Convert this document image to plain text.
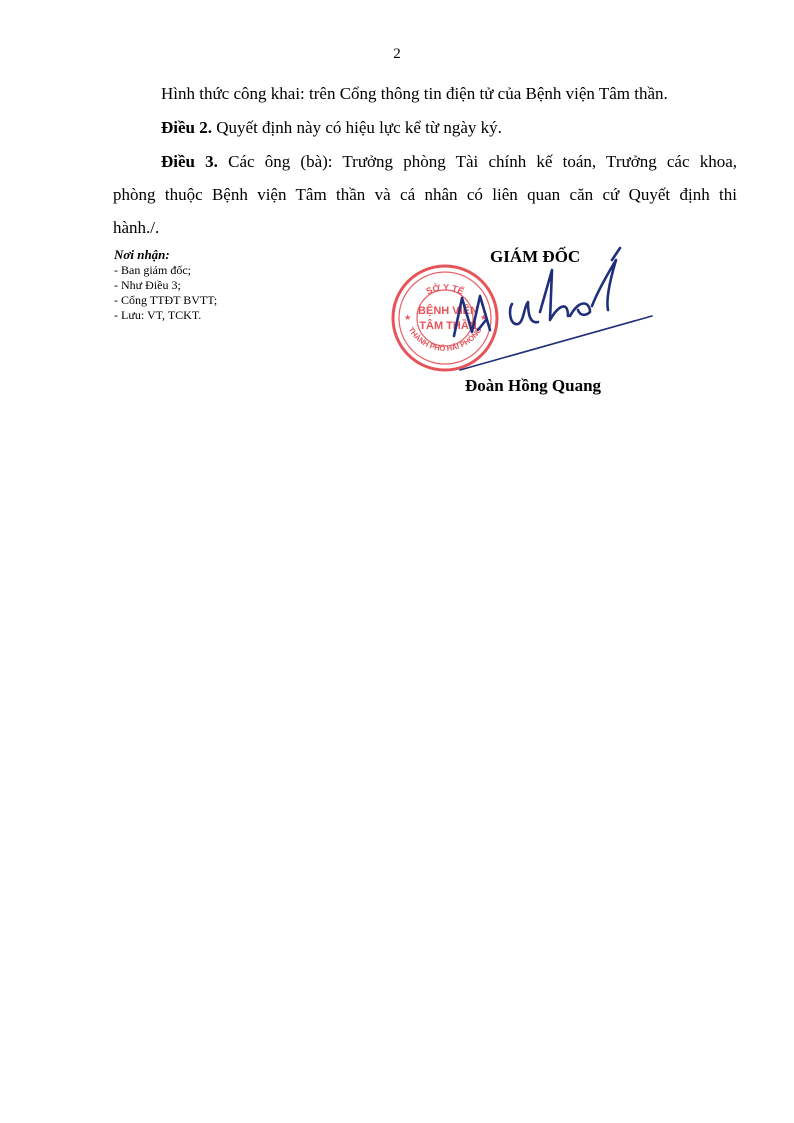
2
Hình thức công khai: trên Cổng thông tin điện tử của Bệnh viện Tâm thần.
Điều 2. Quyết định này có hiệu lực kể từ ngày ký.
Điều 3. Các ông (bà): Trưởng phòng Tài chính kế toán, Trưởng các khoa,
phòng thuộc Bệnh viện Tâm thần và cá nhân có liên quan căn cứ Quyết định thi
hành./.
Nơi nhận:
- Ban giám đốc;
- Như Điều 3;
- Cổng TTĐT BVTT;
- Lưu: VT, TCKT.
SỞ Y TẾ
THÀNH PHỐ HẢI PHÒNG
BỆNH VIỆN
TÂM THẦN
★	★
GIÁM ĐỐC
Đoàn Hồng Quang
